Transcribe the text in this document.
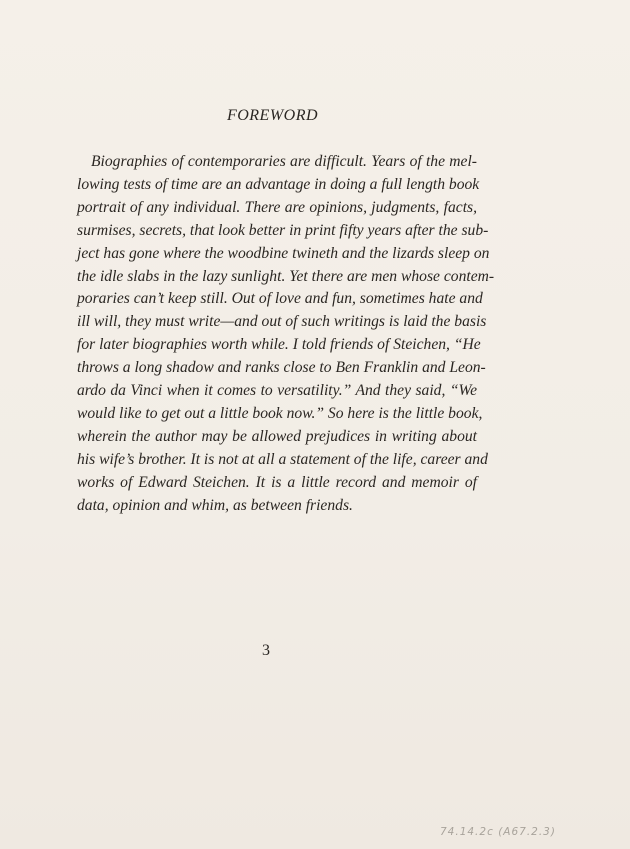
FOREWORD
Biographies of contemporaries are difficult. Years of the mel-
lowing tests of time are an advantage in doing a full length book
portrait of any individual. There are opinions, judgments, facts,
surmises, secrets, that look better in print fifty years after the sub-
ject has gone where the woodbine twineth and the lizards sleep on
the idle slabs in the lazy sunlight. Yet there are men whose contem-
poraries can’t keep still. Out of love and fun, sometimes hate and
ill will, they must write—and out of such writings is laid the basis
for later biographies worth while. I told friends of Steichen, “He
throws a long shadow and ranks close to Ben Franklin and Leon-
ardo da Vinci when it comes to versatility.” And they said, “We
would like to get out a little book now.” So here is the little book,
wherein the author may be allowed prejudices in writing about
his wife’s brother. It is not at all a statement of the life, career and
works of Edward Steichen. It is a little record and memoir of
data, opinion and whim, as between friends.
3
74.14.2c (A67.2.3)
